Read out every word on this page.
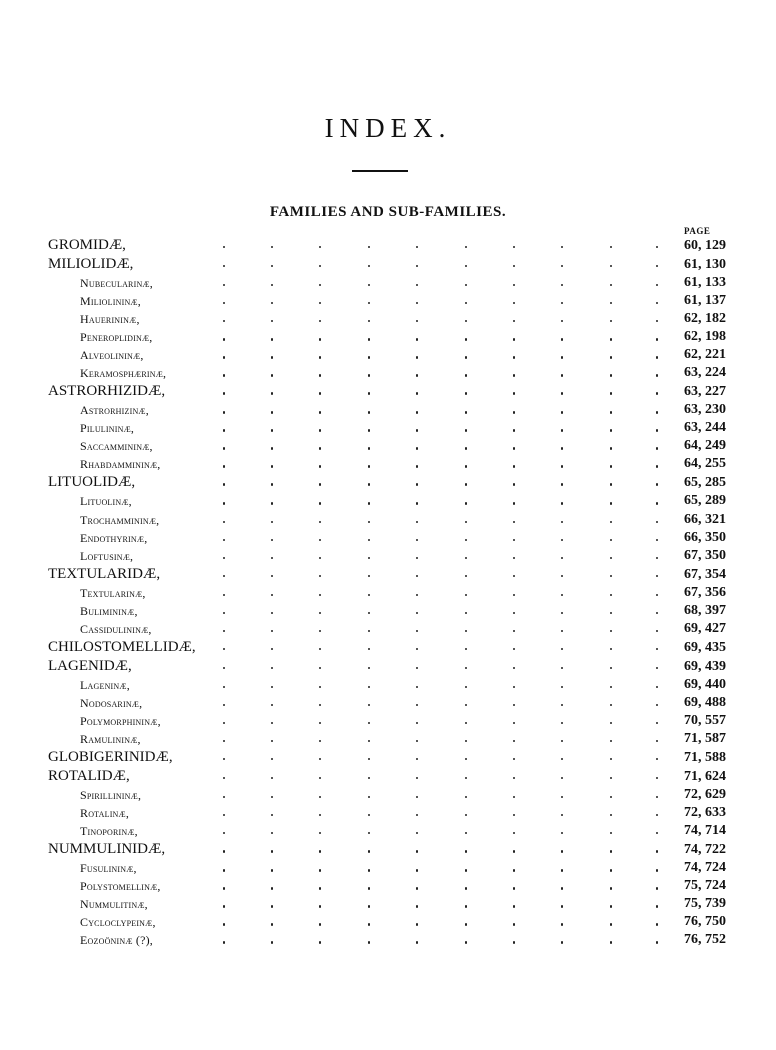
INDEX.
FAMILIES AND SUB-FAMILIES.
PAGE
GROMIDÆ,	60, 129
MILIOLIDÆ,	61, 130
Nubecularinæ,	61, 133
Miliolininæ,	61, 137
Hauerininæ,	62, 182
Peneroplidinæ,	62, 198
Alveolininæ,	62, 221
Keramosphærinæ,	63, 224
ASTRORHIZIDÆ,	63, 227
Astrorhizinæ,	63, 230
Pilulininæ,	63, 244
Saccammininæ,	64, 249
Rhabdammininæ,	64, 255
LITUOLIDÆ,	65, 285
Lituolinæ,	65, 289
Trochammininæ,	66, 321
Endothyrinæ,	66, 350
Loftusinæ,	67, 350
TEXTULARIDÆ,	67, 354
Textularinæ,	67, 356
Bulimininæ,	68, 397
Cassidulininæ,	69, 427
CHILOSTOMELLIDÆ,	69, 435
LAGENIDÆ,	69, 439
Lageninæ,	69, 440
Nodosarinæ,	69, 488
Polymorphininæ,	70, 557
Ramulininæ,	71, 587
GLOBIGERINIDÆ,	71, 588
ROTALIDÆ,	71, 624
Spirillininæ,	72, 629
Rotalinæ,	72, 633
Tinoporinæ,	74, 714
NUMMULINIDÆ,	74, 722
Fusulininæ,	74, 724
Polystomellinæ,	75, 724
Nummulitinæ,	75, 739
Cycloclypeinæ,	76, 750
Eozoöninæ (?),	76, 752
